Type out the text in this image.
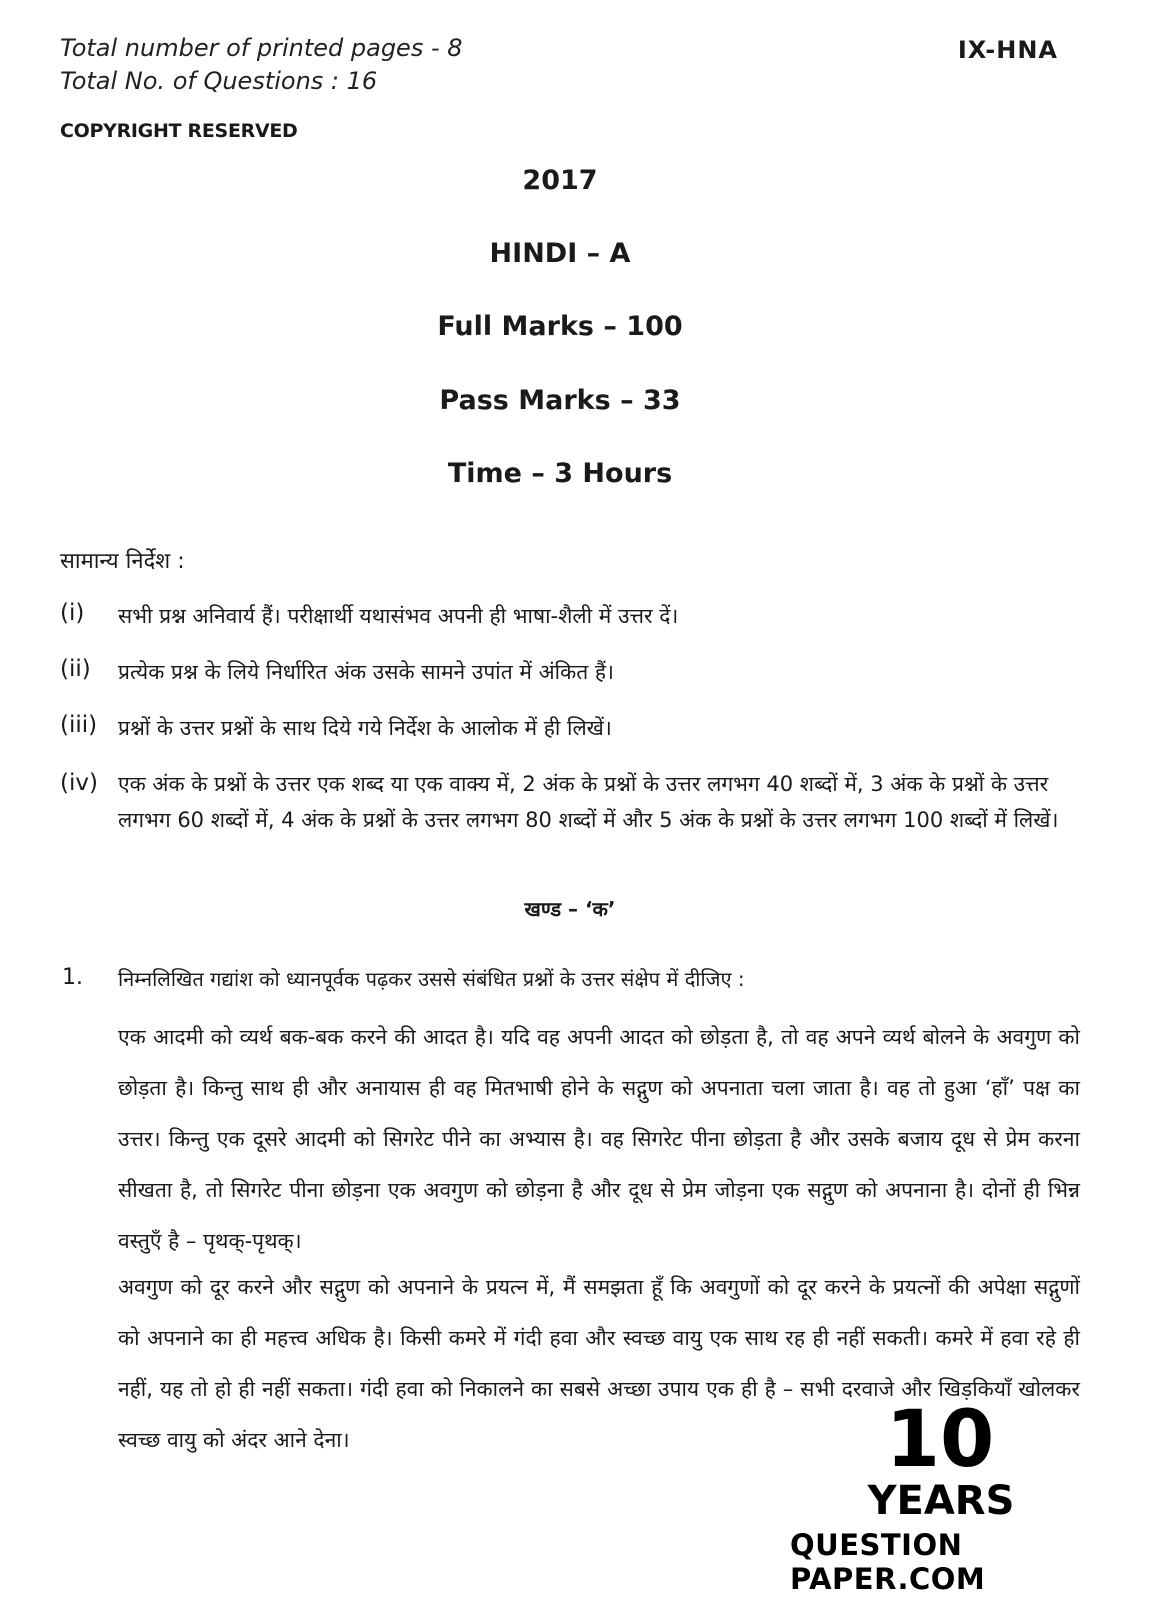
Total number of printed pages - 8
Total No. of Questions : 16
IX-HNA
COPYRIGHT RESERVED
2017
HINDI – A
Full Marks – 100
Pass Marks – 33
Time – 3 Hours
सामान्य निर्देश :
(i) सभी प्रश्न अनिवार्य हैं। परीक्षार्थी यथासंभव अपनी ही भाषा-शैली में उत्तर दें।
(ii) प्रत्येक प्रश्न के लिये निर्धारित अंक उसके सामने उपांत में अंकित हैं।
(iii) प्रश्नों के उत्तर प्रश्नों के साथ दिये गये निर्देश के आलोक में ही लिखें।
(iv) एक अंक के प्रश्नों के उत्तर एक शब्द या एक वाक्य में, 2 अंक के प्रश्नों के उत्तर लगभग 40 शब्दों में, 3 अंक के प्रश्नों के उत्तर लगभग 60 शब्दों में, 4 अंक के प्रश्नों के उत्तर लगभग 80 शब्दों में और 5 अंक के प्रश्नों के उत्तर लगभग 100 शब्दों में लिखें।
खण्ड – ‘क’
1. निम्नलिखित गद्यांश को ध्यानपूर्वक पढ़कर उससे संबंधित प्रश्नों के उत्तर संक्षेप में दीजिए :
एक आदमी को व्यर्थ बक-बक करने की आदत है। यदि वह अपनी आदत को छोड़ता है, तो वह अपने व्यर्थ बोलने के अवगुण को छोड़ता है। किन्तु साथ ही और अनायास ही वह मितभाषी होने के सद्गुण को अपनाता चला जाता है। वह तो हुआ ‘हाँ’ पक्ष का उत्तर। किन्तु एक दूसरे आदमी को सिगरेट पीने का अभ्यास है। वह सिगरेट पीना छोड़ता है और उसके बजाय दूध से प्रेम करना सीखता है, तो सिगरेट पीना छोड़ना एक अवगुण को छोड़ना है और दूध से प्रेम जोड़ना एक सद्गुण को अपनाना है। दोनों ही भिन्न वस्तुएँ है – पृथक्-पृथक्।
अवगुण को दूर करने और सद्गुण को अपनाने के प्रयत्न में, मैं समझता हूँ कि अवगुणों को दूर करने के प्रयत्नों की अपेक्षा सद्गुणों को अपनाने का ही महत्त्व अधिक है। किसी कमरे में गंदी हवा और स्वच्छ वायु एक साथ रह ही नहीं सकती। कमरे में हवा रहे ही नहीं, यह तो हो ही नहीं सकता। गंदी हवा को निकालने का सबसे अच्छा उपाय एक ही है – सभी दरवाजे और खिड़कियाँ खोलकर स्वच्छ वायु को अंदर आने देना।	10
YEARS
QUESTION PAPER.COM
